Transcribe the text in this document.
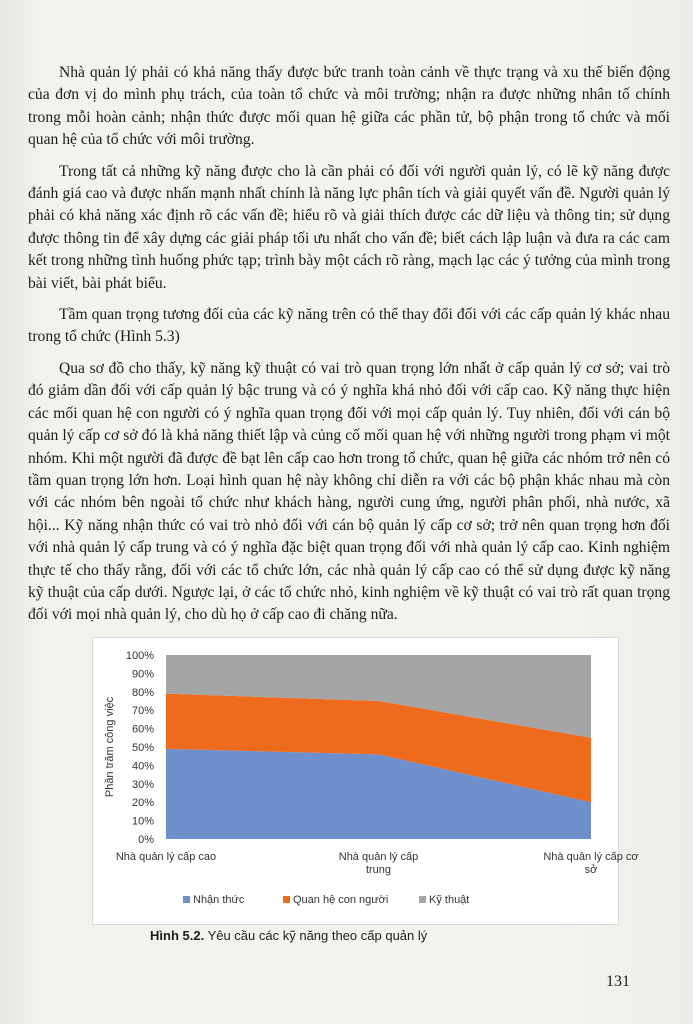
Nhà quản lý phải có khả năng thấy được bức tranh toàn cảnh về thực trạng và xu thế biến động của đơn vị do mình phụ trách, của toàn tổ chức và môi trường; nhận ra được những nhân tố chính trong mỗi hoàn cảnh; nhận thức được mối quan hệ giữa các phần tử, bộ phận trong tổ chức và mối quan hệ của tổ chức với môi trường.

Trong tất cả những kỹ năng được cho là cần phải có đối với người quản lý, có lẽ kỹ năng được đánh giá cao và được nhấn mạnh nhất chính là năng lực phân tích và giải quyết vấn đề. Người quản lý phải có khả năng xác định rõ các vấn đề; hiểu rõ và giải thích được các dữ liệu và thông tin; sử dụng được thông tin để xây dựng các giải pháp tối ưu nhất cho vấn đề; biết cách lập luận và đưa ra các cam kết trong những tình huống phức tạp; trình bày một cách rõ ràng, mạch lạc các ý tưởng của mình trong bài viết, bài phát biểu.

Tầm quan trọng tương đối của các kỹ năng trên có thể thay đổi đối với các cấp quản lý khác nhau trong tổ chức (Hình 5.3)

Qua sơ đồ cho thấy, kỹ năng kỹ thuật có vai trò quan trọng lớn nhất ở cấp quản lý cơ sở; vai trò đó giảm dần đối với cấp quản lý bậc trung và có ý nghĩa khá nhỏ đối với cấp cao. Kỹ năng thực hiện các mối quan hệ con người có ý nghĩa quan trọng đối với mọi cấp quản lý. Tuy nhiên, đối với cán bộ quản lý cấp cơ sở đó là khả năng thiết lập và củng cố mối quan hệ với những người trong phạm vi một nhóm. Khi một người đã được đề bạt lên cấp cao hơn trong tổ chức, quan hệ giữa các nhóm trở nên có tầm quan trọng lớn hơn. Loại hình quan hệ này không chỉ diễn ra với các bộ phận khác nhau mà còn với các nhóm bên ngoài tổ chức như khách hàng, người cung ứng, người phân phối, nhà nước, xã hội... Kỹ năng nhận thức có vai trò nhỏ đối với cán bộ quản lý cấp cơ sở; trở nên quan trọng hơn đối với nhà quản lý cấp trung và có ý nghĩa đặc biệt quan trọng đối với nhà quản lý cấp cao. Kinh nghiệm thực tế cho thấy rằng, đối với các tổ chức lớn, các nhà quản lý cấp cao có thể sử dụng được kỹ năng kỹ thuật của cấp dưới. Ngược lại, ở các tổ chức nhỏ, kinh nghiệm về kỹ thuật có vai trò rất quan trọng đối với mọi nhà quản lý, cho dù họ ở cấp cao đi chăng nữa.

0%
10%
20%
30%
40%
50%
60%
70%
80%
90%
100%
Nhà quản lý cấp cao	Nhà quản lý cấp trung
Nhà quản lý cấp cơ sở
Phần trăm công việc
Nhận thức	Quan hệ con người	Kỹ thuật
Hình 5.2. Yêu cầu các kỹ năng theo cấp quản lý
131
